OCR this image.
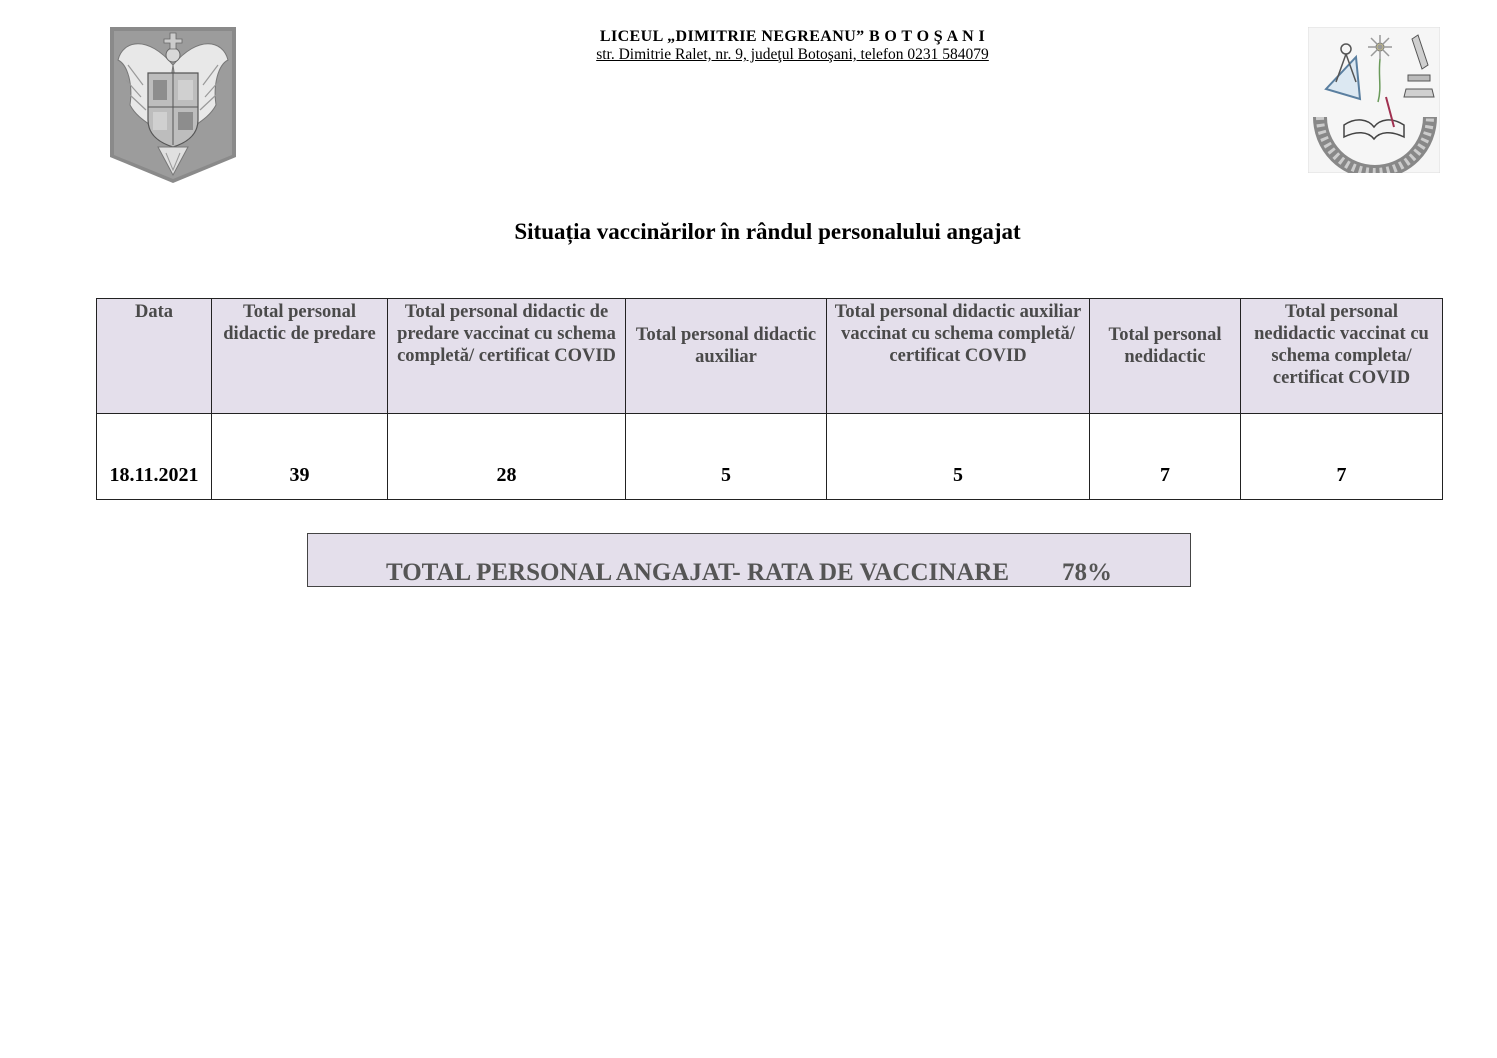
LICEUL „DIMITRIE NEGREANU” B O T O Ş A N I
str. Dimitrie Ralet, nr. 9, judeţul Botoşani, telefon 0231 584079
Situația vaccinărilor în rândul personalului angajat
Data	Total personal didactic de predare	Total personal didactic de predare vaccinat cu schema completă/ certificat COVID	Total personal didactic auxiliar	Total personal didactic auxiliar vaccinat cu schema completă/ certificat COVID	Total personal nedidactic	Total personal nedidactic vaccinat cu schema completa/ certificat COVID
18.11.2021	39	28	5	5	7	7
TOTAL PERSONAL ANGAJAT- RATA DE VACCINARE 78%
